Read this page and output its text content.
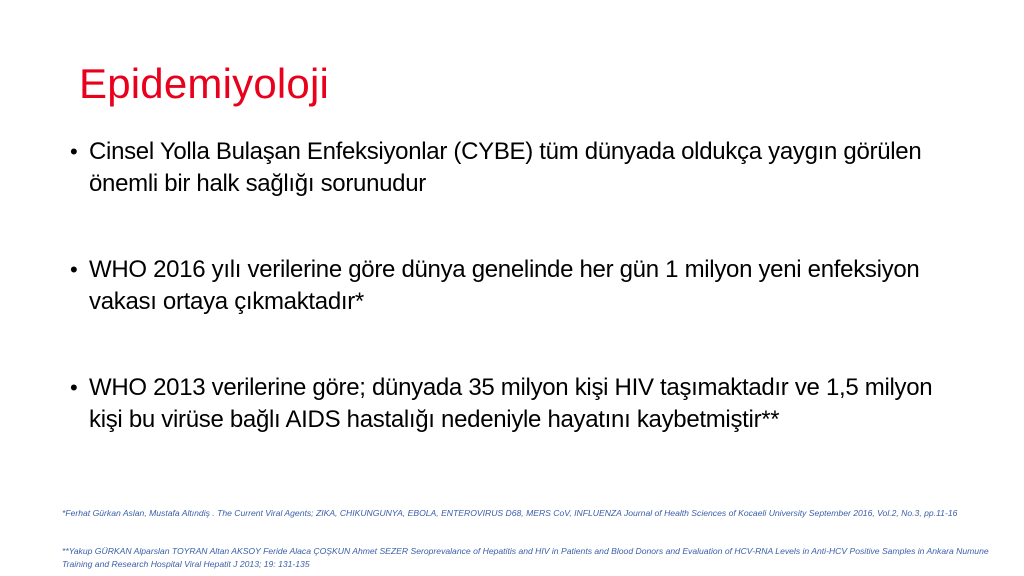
Epidemiyoloji
• Cinsel Yolla Bulaşan Enfeksiyonlar (CYBE) tüm dünyada oldukça yaygın görülen önemli bir halk sağlığı sorunudur
• WHO 2016 yılı verilerine göre dünya genelinde her gün 1 milyon yeni enfeksiyon vakası ortaya çıkmaktadır*
• WHO 2013 verilerine göre; dünyada 35 milyon kişi HIV taşımaktadır ve 1,5 milyon kişi bu virüse bağlı AIDS hastalığı nedeniyle hayatını kaybetmiştir**
*Ferhat Gürkan Aslan, Mustafa Altındiş . The Current Viral Agents; ZIKA, CHIKUNGUNYA, EBOLA, ENTEROVIRUS D68, MERS CoV, INFLUENZA Journal of Health Sciences of Kocaeli University September 2016, Vol.2, No.3, pp.11-16
**Yakup GÜRKAN Alparslan TOYRAN Altan AKSOY Feride Alaca ÇOŞKUN Ahmet SEZER Seroprevalance of Hepatitis and HIV in Patients and Blood Donors and Evaluation of HCV-RNA Levels in Anti-HCV Positive Samples in Ankara Numune Training and Research Hospital Viral Hepatit J 2013; 19: 131-135
